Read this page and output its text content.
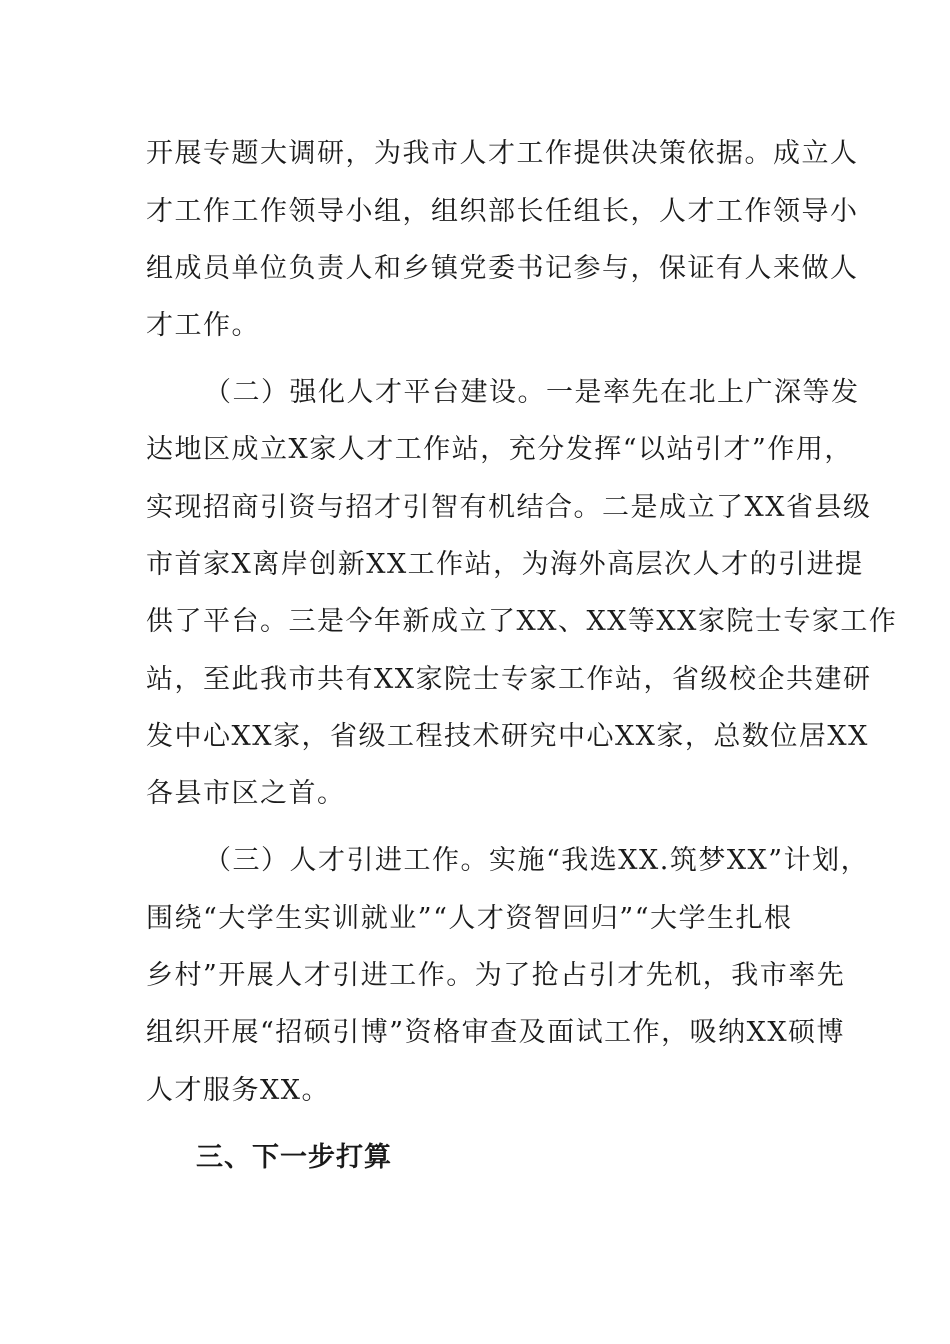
开展专题大调研，为我市人才工作提供决策依据。成立人
才工作工作领导小组，组织部长任组长，人才工作领导小
组成员单位负责人和乡镇党委书记参与，保证有人来做人
才工作。
（二）强化人才平台建设。一是率先在北上广深等发
达地区成立X家人才工作站，充分发挥“以站引才”作用，
实现招商引资与招才引智有机结合。二是成立了XX省县级
市首家X离岸创新XX工作站，为海外高层次人才的引进提
供了平台。三是今年新成立了XX、XX等XX家院士专家工作
站，至此我市共有XX家院士专家工作站，省级校企共建研
发中心XX家，省级工程技术研究中心XX家，总数位居XX
各县市区之首。
（三）人才引进工作。实施“我选XX.筑梦XX”计划，
围绕“大学生实训就业”“人才资智回归”“大学生扎根
乡村”开展人才引进工作。为了抢占引才先机，我市率先
组织开展“招硕引博”资格审查及面试工作，吸纳XX硕博
人才服务XX。
三、下一步打算
